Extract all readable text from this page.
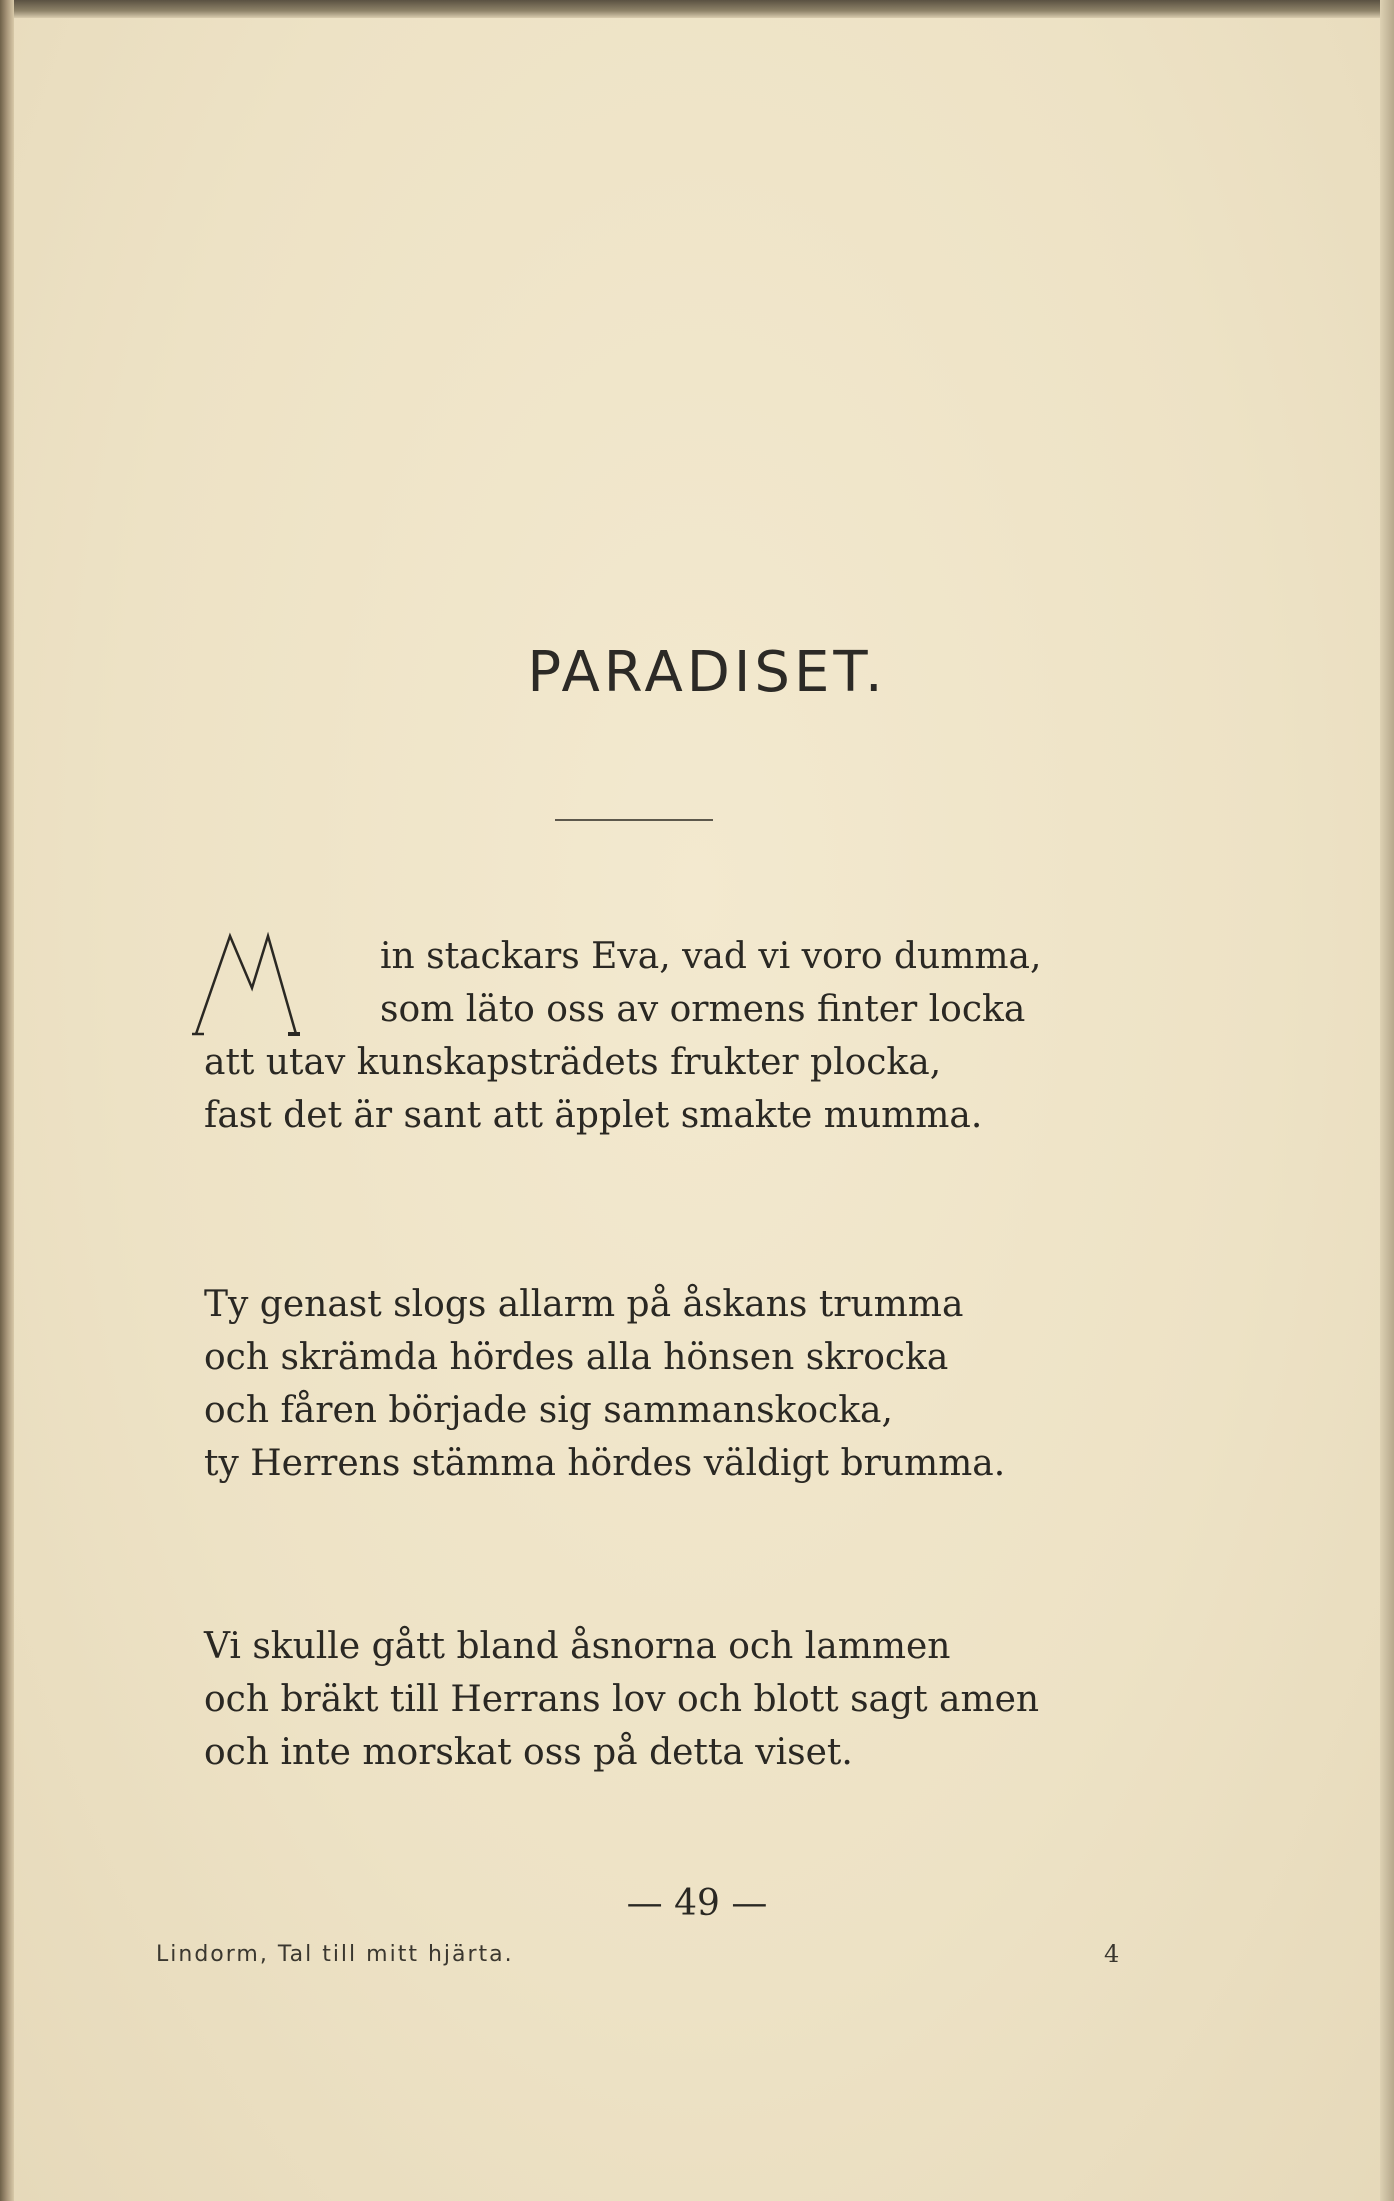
PARADISET.
in stackars Eva, vad vi voro dumma,
som läto oss av ormens finter locka
att utav kunskapsträdets frukter plocka,
fast det är sant att äpplet smakte mumma.
Ty genast slogs allarm på åskans trumma
och skrämda hördes alla hönsen skrocka
och fåren började sig sammanskocka,
ty Herrens stämma hördes väldigt brumma.
Vi skulle gått bland åsnorna och lammen
och bräkt till Herrans lov och blott sagt amen
och inte morskat oss på detta viset.
— 49 —
Lindorm, Tal till mitt hjärta.	4
